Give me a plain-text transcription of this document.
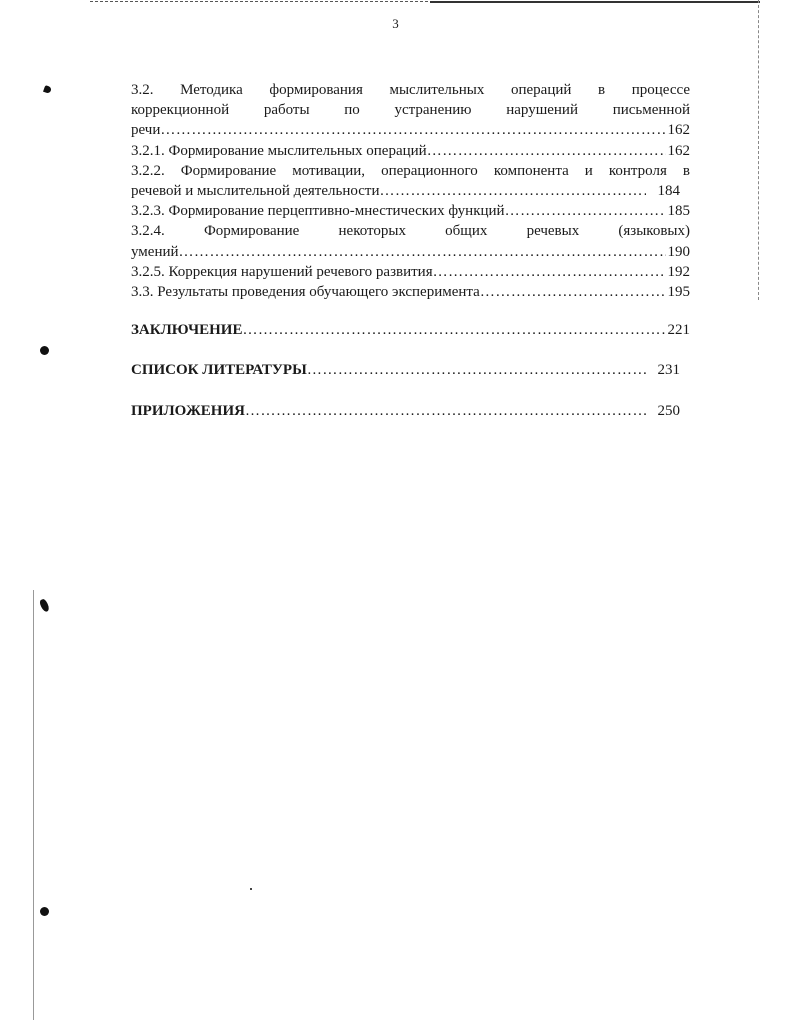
3
3.2. Методика формирования мыслительных операций в процессе
коррекционной работы по устранению нарушений письменной
речи …………………………………………………………………………………………………………………………………………………………………………………	162
3.2.1. Формирование мыслительных операций …………………………………………………………………………………………………………………………………………………………………………………	162
3.2.2. Формирование мотивации, операционного компонента и контроля в
речевой и мыслительной деятельности …………………………………………………………………………………………………………………………………………………………………………………	184
3.2.3. Формирование перцептивно-мнестических функций …………………………………………………………………………………………………………………………………………………………………………………	185
3.2.4. Формирование некоторых общих речевых (языковых)
умений …………………………………………………………………………………………………………………………………………………………………………………	190
3.2.5. Коррекция нарушений речевого развития …………………………………………………………………………………………………………………………………………………………………………………	192
3.3. Результаты проведения обучающего эксперимента …………………………………………………………………………………………………………………………………………………………………………………	195
ЗАКЛЮЧЕНИЕ …………………………………………………………………………………………………………………………………………………………………………………	221
СПИСОК ЛИТЕРАТУРЫ …………………………………………………………………………………………………………………………………………………………………………………	231
ПРИЛОЖЕНИЯ …………………………………………………………………………………………………………………………………………………………………………………	250
